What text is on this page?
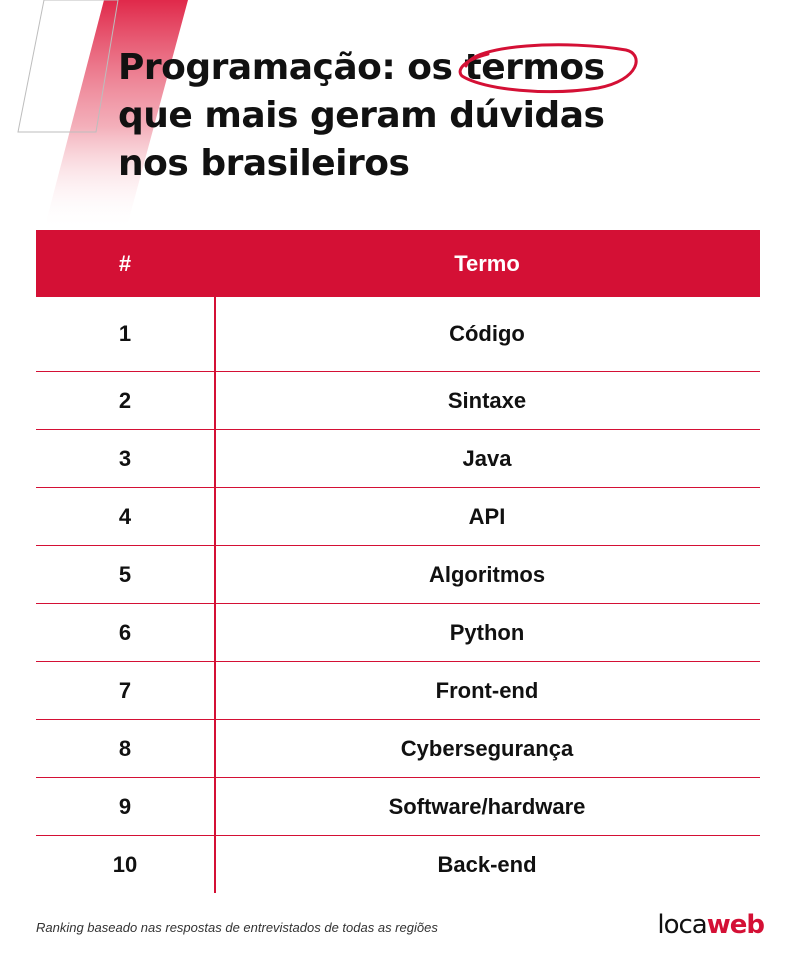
Programação: os
termos
que mais geram dúvidas
nos brasileiros
#	Termo
1	Código
2	Sintaxe
3	Java
4	API
5	Algoritmos
6	Python
7	Front-end
8	Cybersegurança
9	Software/hardware
10	Back-end
Ranking baseado nas respostas de entrevistados de todas as regiões	locaweb
